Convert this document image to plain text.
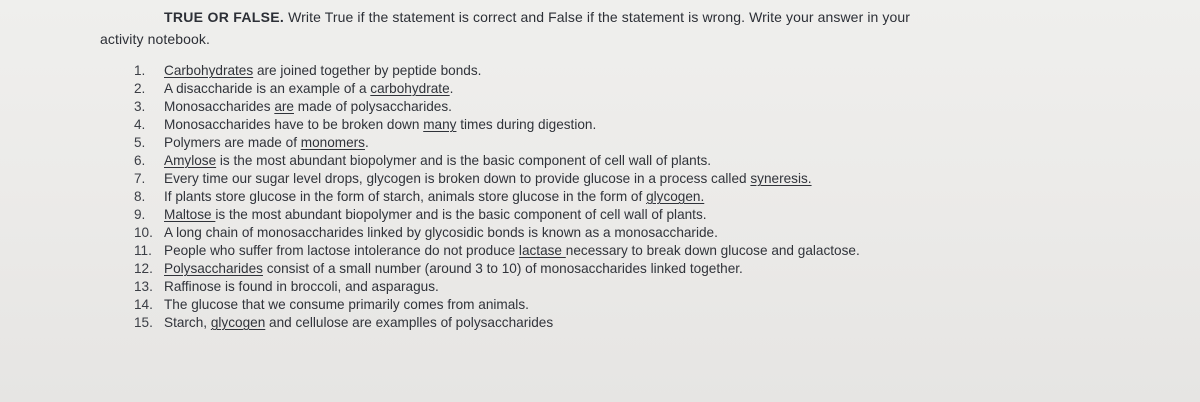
TRUE OR FALSE. Write True if the statement is correct and False if the statement is wrong. Write your answer in your
activity notebook.
1. Carbohydrates are joined together by peptide bonds.
2. A disaccharide is an example of a carbohydrate.
3. Monosaccharides are made of polysaccharides.
4. Monosaccharides have to be broken down many times during digestion.
5. Polymers are made of monomers.
6. Amylose is the most abundant biopolymer and is the basic component of cell wall of plants.
7. Every time our sugar level drops, glycogen is broken down to provide glucose in a process called syneresis.
8. If plants store glucose in the form of starch, animals store glucose in the form of glycogen.
9. Maltose is the most abundant biopolymer and is the basic component of cell wall of plants.
10. A long chain of monosaccharides linked by glycosidic bonds is known as a monosaccharide.
11. People who suffer from lactose intolerance do not produce lactase necessary to break down glucose and galactose.
12. Polysaccharides consist of a small number (around 3 to 10) of monosaccharides linked together.
13. Raffinose is found in broccoli, and asparagus.
14. The glucose that we consume primarily comes from animals.
15. Starch, glycogen and cellulose are examplles of polysaccharides
